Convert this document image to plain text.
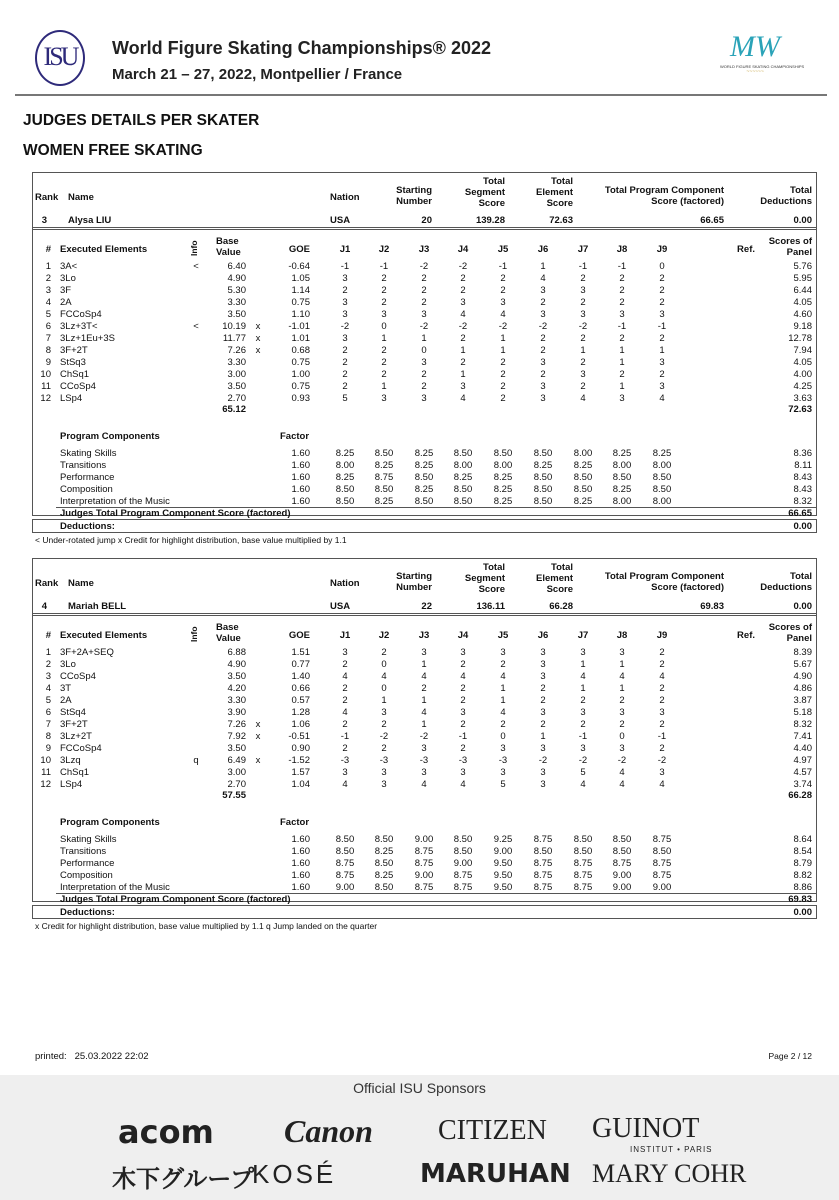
ISU	World Figure Skating Championships® 2022
March 21 – 27, 2022, Montpellier / France
MW
WORLD FIGURE SKATING CHAMPIONSHIPS
~~~~~~
JUDGES DETAILS PER SKATER
WOMEN FREE SKATING
Rank Name	Nation
Starting
Number
Total
Segment
Score
Total
Element
Score
Total Program Component
Score (factored)
Total
Deductions
3 Alysa LIU	USA	20	139.28	72.63	66.65	0.00
# Executed Elements	Info Base
Value	GOE	J1	J2	J3	J4	J5	J6	J7	J8	J9	Ref.
Scores of
Panel
1 3A<	<	6.40	-0.64	-1	-1	-2	-2	-1	1	-1	-1	0	5.76
2 3Lo	4.90	1.05	3	2	2	2	2	4	2	2	2	5.95
3 3F	5.30	1.14	2	2	2	2	2	3	3	2	2	6.44
4 2A	3.30	0.75	3	2	2	3	3	2	2	2	2	4.05
5 FCCoSp4	3.50	1.10	3	3	3	4	4	3	3	3	3	4.60
6 3Lz+3T<	<	10.19 x	-1.01	-2	0	-2	-2	-2	-2	-2	-1	-1	9.18
7 3Lz+1Eu+3S	11.77 x	1.01	3	1	1	2	1	2	2	2	2	12.78
8 3F+2T	7.26 x	0.68	2	2	0	1	1	2	1	1	1	7.94
9 StSq3	3.30	0.75	2	2	3	2	2	3	2	1	3	4.05
10 ChSq1	3.00	1.00	2	2	2	1	2	2	3	2	2	4.00
11 CCoSp4	3.50	0.75	2	1	2	3	2	3	2	1	3	4.25
12 LSp4	2.70	0.93	5	3	3	4	2	3	4	3	4	3.63
65.12	72.63
Program Components	Factor
Skating Skills	1.60	8.25	8.50	8.25	8.50	8.50	8.50	8.00	8.25	8.25	8.36
Transitions	1.60	8.00	8.25	8.25	8.00	8.00	8.25	8.25	8.00	8.00	8.11
Performance	1.60	8.25	8.75	8.50	8.25	8.25	8.50	8.50	8.50	8.50	8.43
Composition	1.60	8.50	8.50	8.25	8.50	8.25	8.50	8.50	8.25	8.50	8.43
Interpretation of the Music	1.60	8.50	8.25	8.50	8.50	8.25	8.50	8.25	8.00	8.00	8.32
Judges Total Program Component Score (factored)	66.65
Deductions:	0.00
< Under-rotated jump x Credit for highlight distribution, base value multiplied by 1.1
Rank Name	Nation
Starting
Number
Total
Segment
Score
Total
Element
Score
Total Program Component
Score (factored)
Total
Deductions
4 Mariah BELL	USA	22	136.11	66.28	69.83	0.00
# Executed Elements	Info Base
Value	GOE	J1	J2	J3	J4	J5	J6	J7	J8	J9	Ref.
Scores of
Panel
1 3F+2A+SEQ	6.88	1.51	3	2	3	3	3	3	3	3	2	8.39
2 3Lo	4.90	0.77	2	0	1	2	2	3	1	1	2	5.67
3 CCoSp4	3.50	1.40	4	4	4	4	4	3	4	4	4	4.90
4 3T	4.20	0.66	2	0	2	2	1	2	1	1	2	4.86
5 2A	3.30	0.57	2	1	1	2	1	2	2	2	2	3.87
6 StSq4	3.90	1.28	4	3	4	3	4	3	3	3	3	5.18
7 3F+2T	7.26 x	1.06	2	2	1	2	2	2	2	2	2	8.32
8 3Lz+2T	7.92 x	-0.51	-1	-2	-2	-1	0	1	-1	0	-1	7.41
9 FCCoSp4	3.50	0.90	2	2	3	2	3	3	3	3	2	4.40
10 3Lzq	q	6.49 x	-1.52	-3	-3	-3	-3	-3	-2	-2	-2	-2	4.97
11 ChSq1	3.00	1.57	3	3	3	3	3	3	5	4	3	4.57
12 LSp4	2.70	1.04	4	3	4	4	5	3	4	4	4	3.74
57.55	66.28
Program Components	Factor
Skating Skills	1.60	8.50	8.50	9.00	8.50	9.25	8.75	8.50	8.50	8.75	8.64
Transitions	1.60	8.50	8.25	8.75	8.50	9.00	8.50	8.50	8.50	8.50	8.54
Performance	1.60	8.75	8.50	8.75	9.00	9.50	8.75	8.75	8.75	8.75	8.79
Composition	1.60	8.75	8.25	9.00	8.75	9.50	8.75	8.75	9.00	8.75	8.82
Interpretation of the Music	1.60	9.00	8.50	8.75	8.75	9.50	8.75	8.75	9.00	9.00	8.86
Judges Total Program Component Score (factored)	69.83
Deductions:	0.00
x Credit for highlight distribution, base value multiplied by 1.1 q Jump landed on the quarter
printed: 25.03.2022 22:02	Page 2 / 12
Official ISU Sponsors
acom Canon CITIZEN GUINOT
INSTITUT • PARIS
木下グループ
KOSÉ	MARUHAN MARY COHR
